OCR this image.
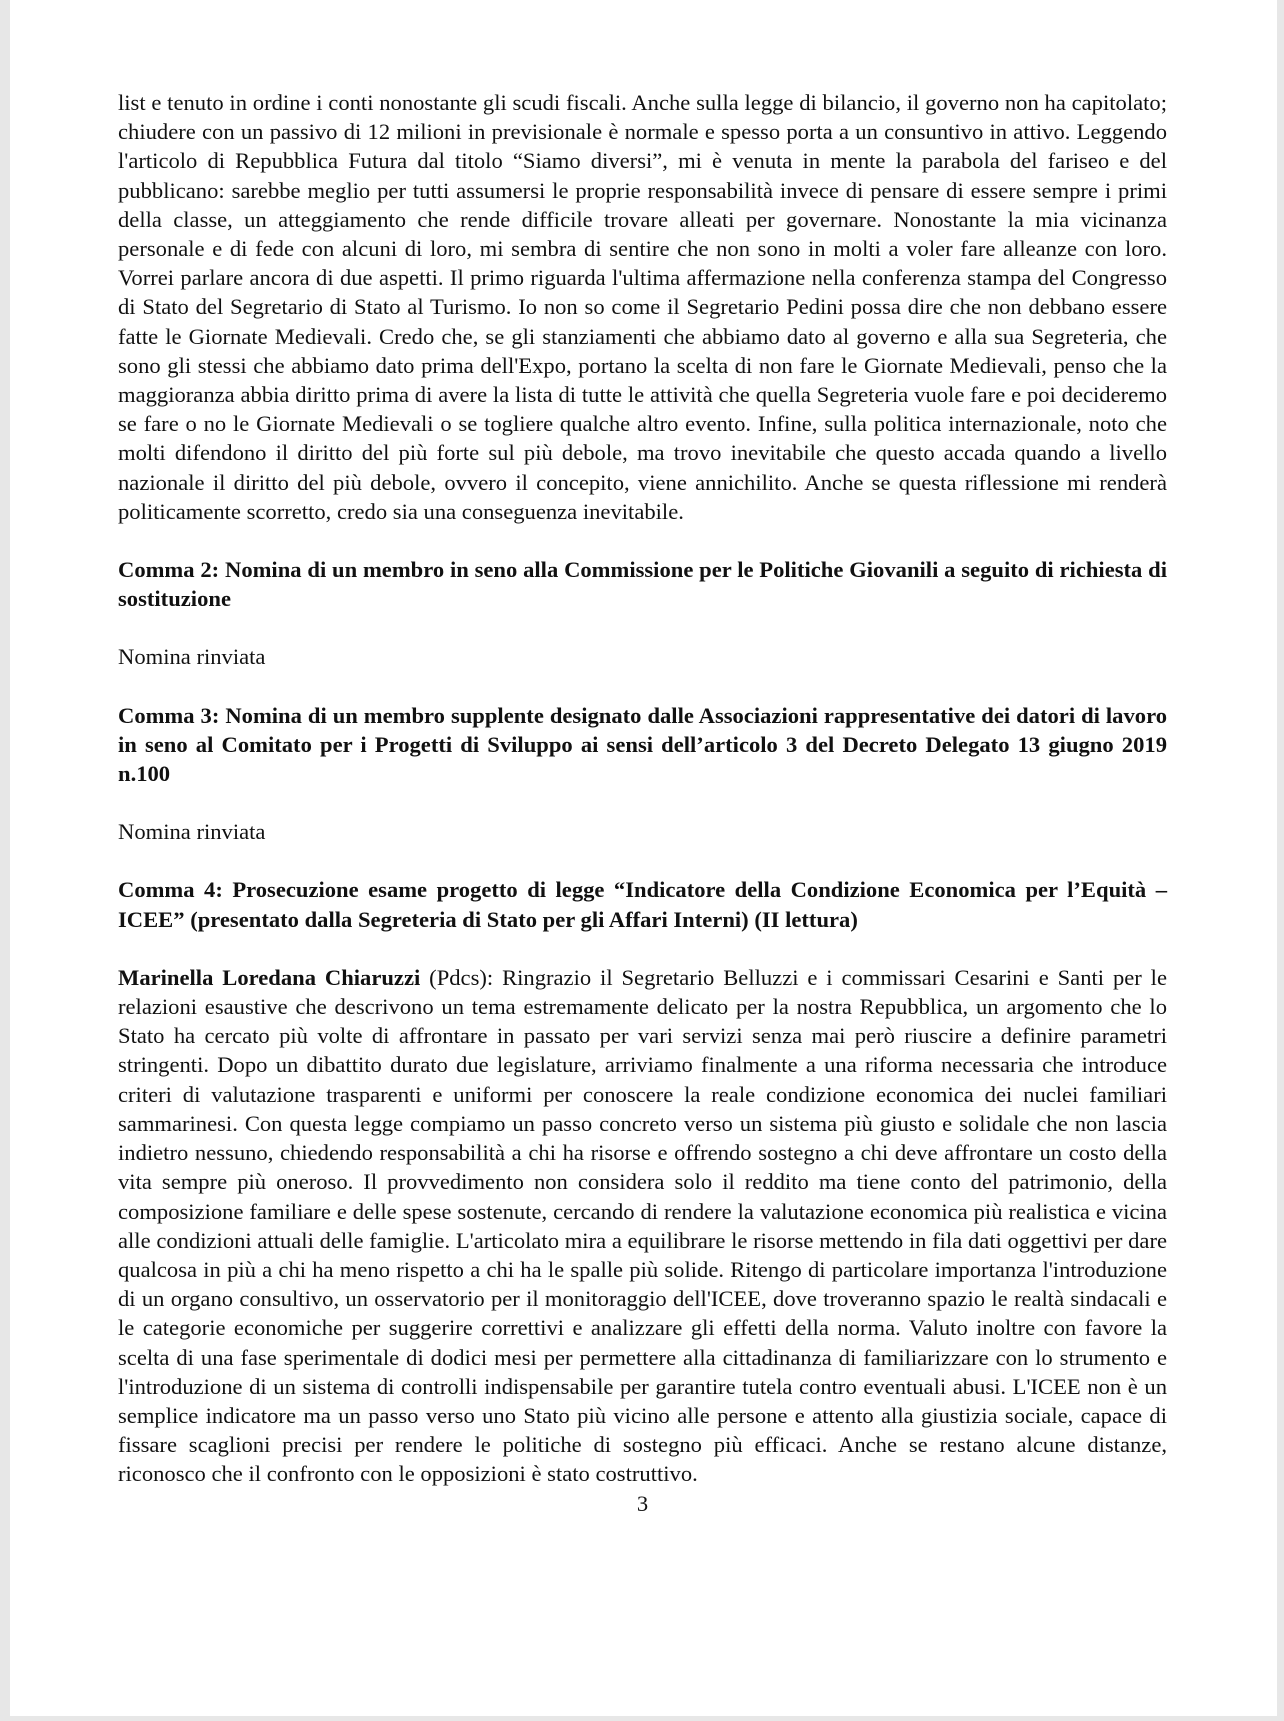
list e tenuto in ordine i conti nonostante gli scudi fiscali. Anche sulla legge di bilancio, il governo non ha capitolato; chiudere con un passivo di 12 milioni in previsionale è normale e spesso porta a un consuntivo in attivo. Leggendo l'articolo di Repubblica Futura dal titolo “Siamo diversi”, mi è venuta in mente la parabola del fariseo e del pubblicano: sarebbe meglio per tutti assumersi le proprie responsabilità invece di pensare di essere sempre i primi della classe, un atteggiamento che rende difficile trovare alleati per governare. Nonostante la mia vicinanza personale e di fede con alcuni di loro, mi sembra di sentire che non sono in molti a voler fare alleanze con loro. Vorrei parlare ancora di due aspetti. Il primo riguarda l'ultima affermazione nella conferenza stampa del Congresso di Stato del Segretario di Stato al Turismo. Io non so come il Segretario Pedini possa dire che non debbano essere fatte le Giornate Medievali. Credo che, se gli stanziamenti che abbiamo dato al governo e alla sua Segreteria, che sono gli stessi che abbiamo dato prima dell'Expo, portano la scelta di non fare le Giornate Medievali, penso che la maggioranza abbia diritto prima di avere la lista di tutte le attività che quella Segreteria vuole fare e poi decideremo se fare o no le Giornate Medievali o se togliere qualche altro evento. Infine, sulla politica internazionale, noto che molti difendono il diritto del più forte sul più debole, ma trovo inevitabile che questo accada quando a livello nazionale il diritto del più debole, ovvero il concepito, viene annichilito. Anche se questa riflessione mi renderà politicamente scorretto, credo sia una conseguenza inevitabile.

Comma 2: Nomina di un membro in seno alla Commissione per le Politiche Giovanili a seguito di richiesta di sostituzione

Nomina rinviata

Comma 3: Nomina di un membro supplente designato dalle Associazioni rappresentative dei datori di lavoro in seno al Comitato per i Progetti di Sviluppo ai sensi dell’articolo 3 del Decreto Delegato 13 giugno 2019 n.100

Nomina rinviata

Comma 4: Prosecuzione esame progetto di legge “Indicatore della Condizione Economica per l’Equità – ICEE” (presentato dalla Segreteria di Stato per gli Affari Interni) (II lettura)

Marinella Loredana Chiaruzzi (Pdcs): Ringrazio il Segretario Belluzzi e i commissari Cesarini e Santi per le relazioni esaustive che descrivono un tema estremamente delicato per la nostra Repubblica, un argomento che lo Stato ha cercato più volte di affrontare in passato per vari servizi senza mai però riuscire a definire parametri stringenti. Dopo un dibattito durato due legislature, arriviamo finalmente a una riforma necessaria che introduce criteri di valutazione trasparenti e uniformi per conoscere la reale condizione economica dei nuclei familiari sammarinesi. Con questa legge compiamo un passo concreto verso un sistema più giusto e solidale che non lascia indietro nessuno, chiedendo responsabilità a chi ha risorse e offrendo sostegno a chi deve affrontare un costo della vita sempre più oneroso. Il provvedimento non considera solo il reddito ma tiene conto del patrimonio, della composizione familiare e delle spese sostenute, cercando di rendere la valutazione economica più realistica e vicina alle condizioni attuali delle famiglie. L'articolato mira a equilibrare le risorse mettendo in fila dati oggettivi per dare qualcosa in più a chi ha meno rispetto a chi ha le spalle più solide. Ritengo di particolare importanza l'introduzione di un organo consultivo, un osservatorio per il monitoraggio dell'ICEE, dove troveranno spazio le realtà sindacali e le categorie economiche per suggerire correttivi e analizzare gli effetti della norma. Valuto inoltre con favore la scelta di una fase sperimentale di dodici mesi per permettere alla cittadinanza di familiarizzare con lo strumento e l'introduzione di un sistema di controlli indispensabile per garantire tutela contro eventuali abusi. L'ICEE non è un semplice indicatore ma un passo verso uno Stato più vicino alle persone e attento alla giustizia sociale, capace di fissare scaglioni precisi per rendere le politiche di sostegno più efficaci. Anche se restano alcune distanze, riconosco che il confronto con le opposizioni è stato costruttivo.

3
